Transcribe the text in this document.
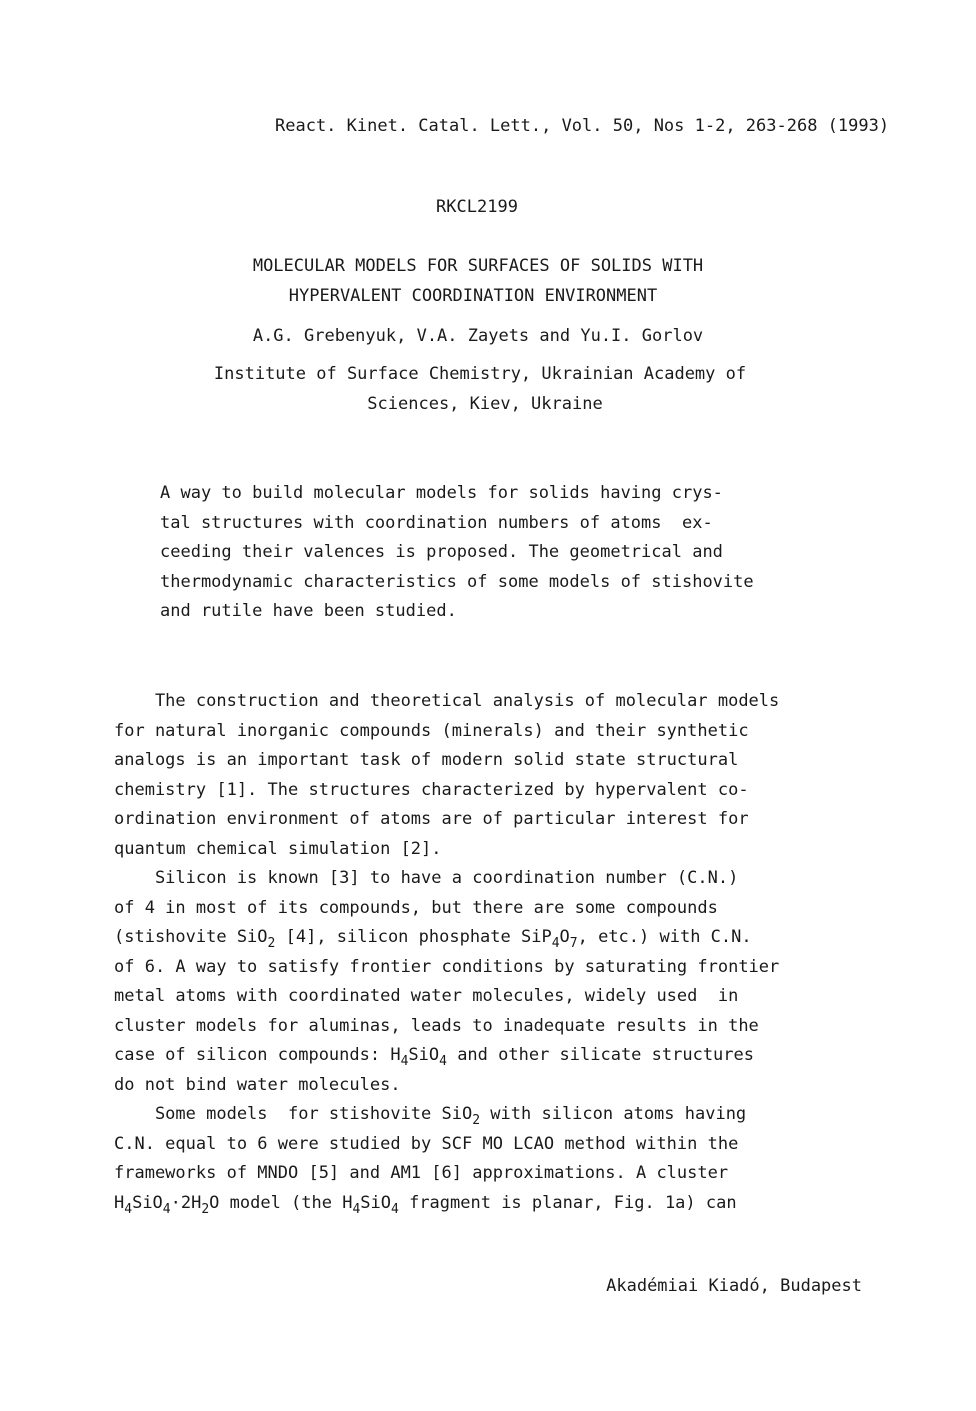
React. Kinet. Catal. Lett., Vol. 50, Nos 1-2, 263-268 (1993)
RKCL2199
MOLECULAR MODELS FOR SURFACES OF SOLIDS WITH
HYPERVALENT COORDINATION ENVIRONMENT
A.G. Grebenyuk, V.A. Zayets and Yu.I. Gorlov
Institute of Surface Chemistry, Ukrainian Academy of
Sciences, Kiev, Ukraine
A way to build molecular models for solids having crys-
tal structures with coordination numbers of atoms  ex-
ceeding their valences is proposed. The geometrical and
thermodynamic characteristics of some models of stishovite
and rutile have been studied.
The construction and theoretical analysis of molecular models
for natural inorganic compounds (minerals) and their synthetic
analogs is an important task of modern solid state structural
chemistry [1]. The structures characterized by hypervalent co-
ordination environment of atoms are of particular interest for
quantum chemical simulation [2].
Silicon is known [3] to have a coordination number (C.N.)
of 4 in most of its compounds, but there are some compounds
(stishovite SiO$_2$ [4], silicon phosphate $SiP_4O_7$, etc.) with C.N.
of 6. A way to satisfy frontier conditions by saturating frontier
metal atoms with coordinated water molecules, widely used  in
cluster models for aluminas, leads to inadequate results in the
case of silicon compounds: $H_4SiO_4$ and other silicate structures
do not bind water molecules.
Some models  for stishovite SiO$_2$ with silicon atoms having
C.N. equal to 6 were studied by SCF MO LCAO method within the
frameworks of MNDO [5] and AM1 [6] approximations. A cluster
$H_4SiO_4\cdot 2H_2O$ model (the $H_4SiO_4$ fragment is planar, Fig. 1a) can
Akadémiai Kiadó, Budapest
